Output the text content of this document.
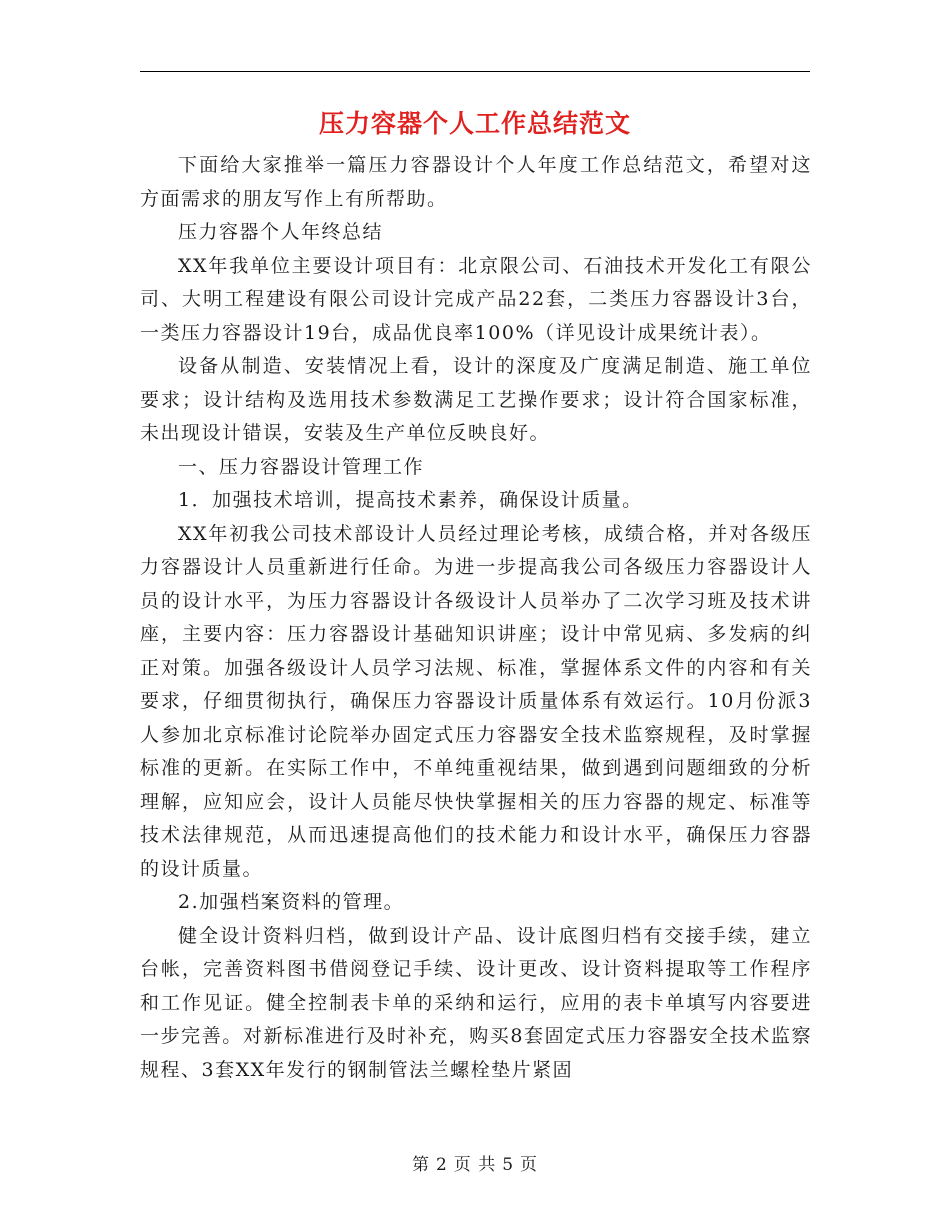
压力容器个人工作总结范文

下面给大家推举一篇压力容器设计个人年度工作总结范文，希望对这方面需求的朋友写作上有所帮助。

压力容器个人年终总结

XX年我单位主要设计项目有：北京限公司、石油技术开发化工有限公司、大明工程建设有限公司设计完成产品22套，二类压力容器设计3台，一类压力容器设计19台，成品优良率100%（详见设计成果统计表）。

设备从制造、安装情况上看，设计的深度及广度满足制造、施工单位要求；设计结构及选用技术参数满足工艺操作要求；设计符合国家标准，未出现设计错误，安装及生产单位反映良好。

一、压力容器设计管理工作

1．加强技术培训，提高技术素养，确保设计质量。

XX年初我公司技术部设计人员经过理论考核，成绩合格，并对各级压力容器设计人员重新进行任命。为进一步提高我公司各级压力容器设计人员的设计水平，为压力容器设计各级设计人员举办了二次学习班及技术讲座，主要内容：压力容器设计基础知识讲座；设计中常见病、多发病的纠正对策。加强各级设计人员学习法规、标准，掌握体系文件的内容和有关要求，仔细贯彻执行，确保压力容器设计质量体系有效运行。10月份派3人参加北京标准讨论院举办固定式压力容器安全技术监察规程，及时掌握标准的更新。在实际工作中，不单纯重视结果，做到遇到问题细致的分析理解，应知应会，设计人员能尽快快掌握相关的压力容器的规定、标准等技术法律规范，从而迅速提高他们的技术能力和设计水平，确保压力容器的设计质量。

2.加强档案资料的管理。

健全设计资料归档，做到设计产品、设计底图归档有交接手续，建立台帐，完善资料图书借阅登记手续、设计更改、设计资料提取等工作程序和工作见证。健全控制表卡单的采纳和运行，应用的表卡单填写内容要进一步完善。对新标准进行及时补充，购买8套固定式压力容器安全技术监察规程、3套XX年发行的钢制管法兰螺栓垫片紧固

第 2 页 共 5 页
